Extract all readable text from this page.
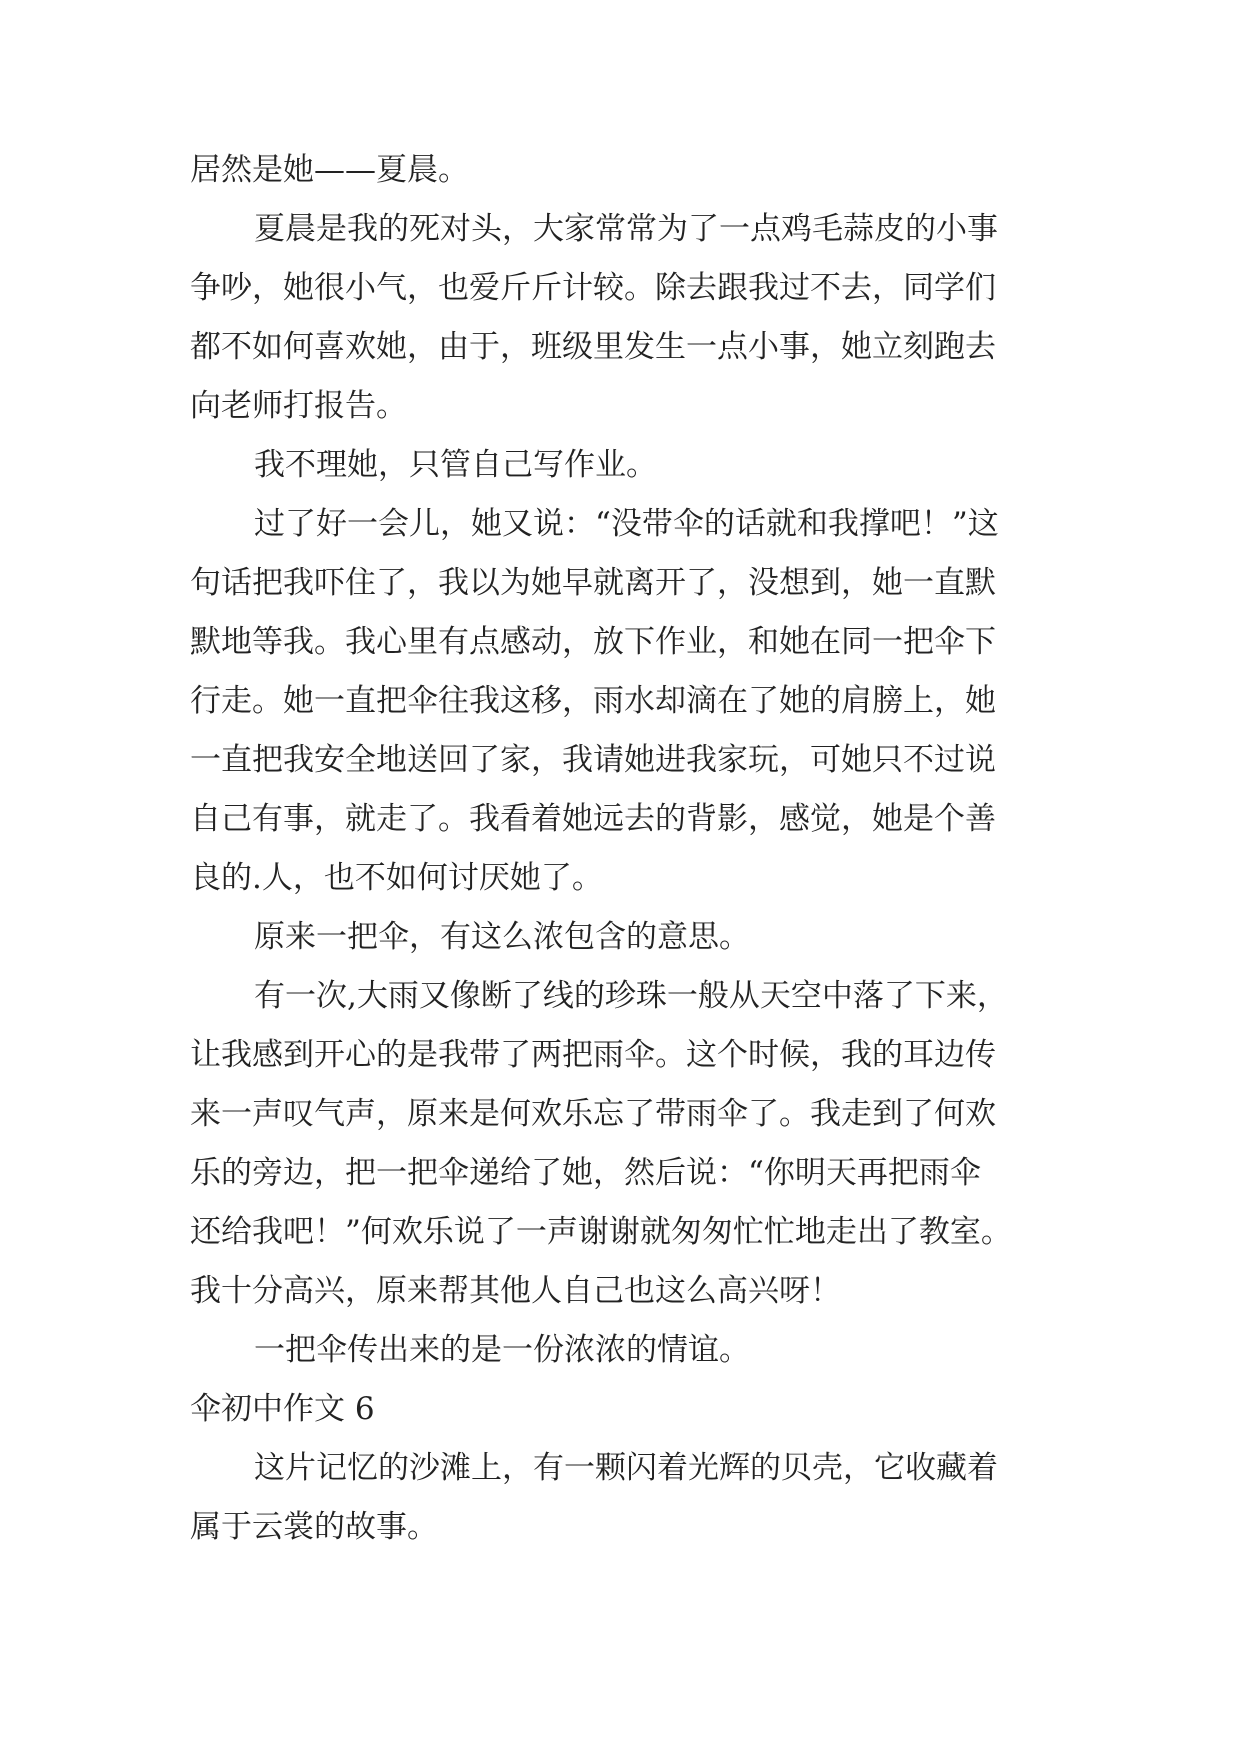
居然是她——夏晨。
夏晨是我的死对头，大家常常为了一点鸡毛蒜皮的小事
争吵，她很小气，也爱斤斤计较。除去跟我过不去，同学们
都不如何喜欢她，由于，班级里发生一点小事，她立刻跑去
向老师打报告。
我不理她，只管自己写作业。
过了好一会儿，她又说：“没带伞的话就和我撑吧！”这
句话把我吓住了，我以为她早就离开了，没想到，她一直默
默地等我。我心里有点感动，放下作业，和她在同一把伞下
行走。她一直把伞往我这移，雨水却滴在了她的肩膀上，她
一直把我安全地送回了家，我请她进我家玩，可她只不过说
自己有事，就走了。我看着她远去的背影，感觉，她是个善
良的.人，也不如何讨厌她了。
原来一把伞，有这么浓包含的意思。
有一次,大雨又像断了线的珍珠一般从天空中落了下来，
让我感到开心的是我带了两把雨伞。这个时候，我的耳边传
来一声叹气声，原来是何欢乐忘了带雨伞了。我走到了何欢
乐的旁边，把一把伞递给了她，然后说：“你明天再把雨伞
还给我吧！”何欢乐说了一声谢谢就匆匆忙忙地走出了教室。
我十分高兴，原来帮其他人自己也这么高兴呀！
一把伞传出来的是一份浓浓的情谊。
伞初中作文 6
这片记忆的沙滩上，有一颗闪着光辉的贝壳，它收藏着
属于云裳的故事。
